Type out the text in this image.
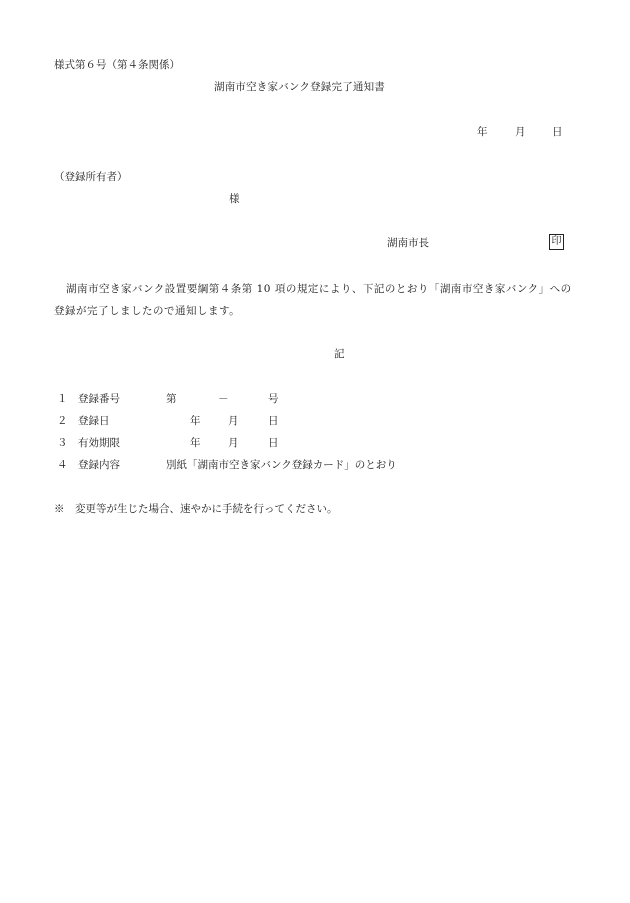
様式第６号（第４条関係）
湖南市空き家バンク登録完了通知書
年	月	日
（登録所有者）
様
湖南市長	印
湖南市空き家バンク設置要綱第４条第 10 項の規定により、下記のとおり「湖南市空き家バンク」への登録が完了しましたので通知します。
記
１ 登録番号	第	－	号
２ 登録日	年	月	日
３ 有効期限	年	月	日
４ 登録内容	別紙「湖南市空き家バンク登録カード」のとおり
※　変更等が生じた場合、速やかに手続を行ってください。
